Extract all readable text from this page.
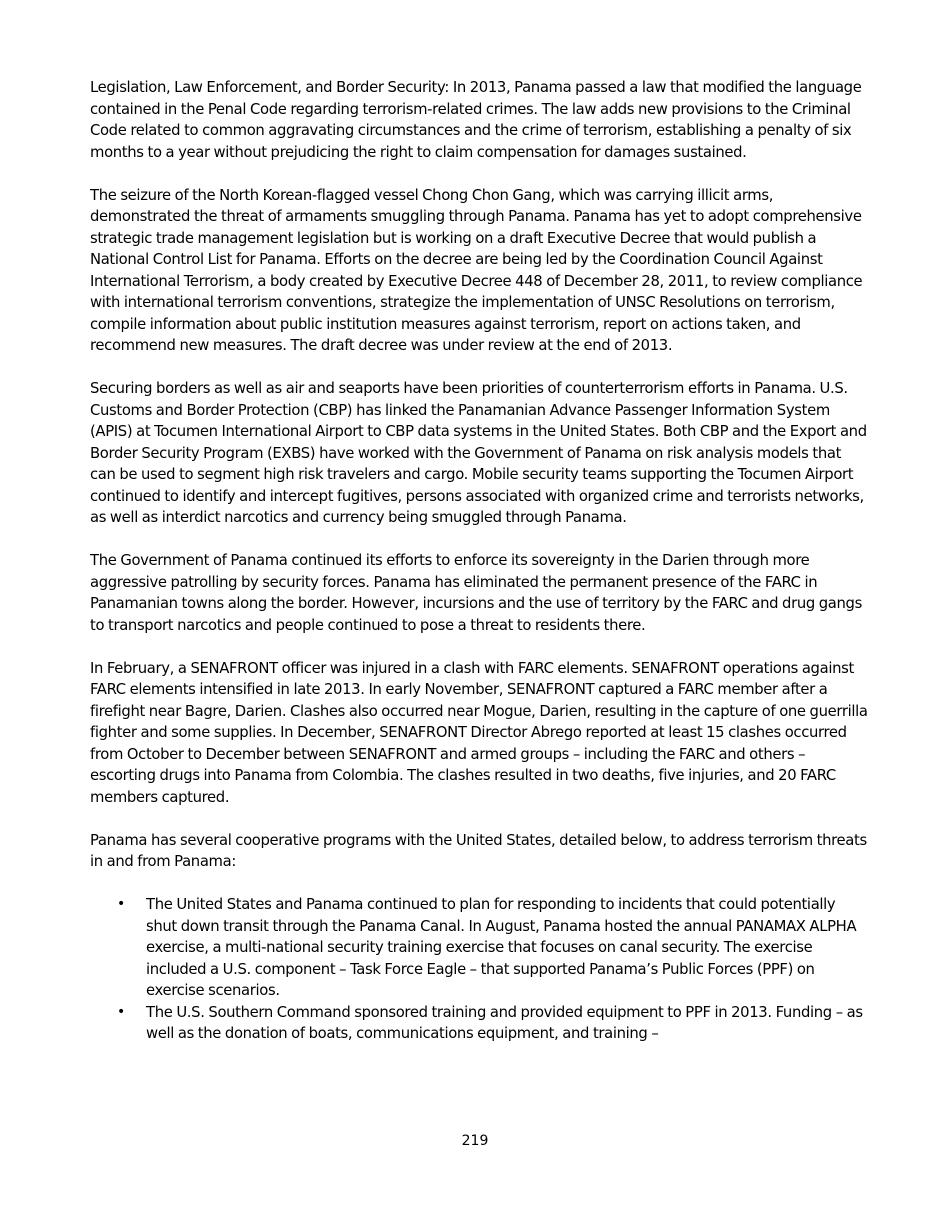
Legislation, Law Enforcement, and Border Security: In 2013, Panama passed a law that modified the language contained in the Penal Code regarding terrorism-related crimes. The law adds new provisions to the Criminal Code related to common aggravating circumstances and the crime of terrorism, establishing a penalty of six months to a year without prejudicing the right to claim compensation for damages sustained.

The seizure of the North Korean-flagged vessel Chong Chon Gang, which was carrying illicit arms, demonstrated the threat of armaments smuggling through Panama. Panama has yet to adopt comprehensive strategic trade management legislation but is working on a draft Executive Decree that would publish a National Control List for Panama. Efforts on the decree are being led by the Coordination Council Against International Terrorism, a body created by Executive Decree 448 of December 28, 2011, to review compliance with international terrorism conventions, strategize the implementation of UNSC Resolutions on terrorism, compile information about public institution measures against terrorism, report on actions taken, and recommend new measures. The draft decree was under review at the end of 2013.

Securing borders as well as air and seaports have been priorities of counterterrorism efforts in Panama. U.S. Customs and Border Protection (CBP) has linked the Panamanian Advance Passenger Information System (APIS) at Tocumen International Airport to CBP data systems in the United States. Both CBP and the Export and Border Security Program (EXBS) have worked with the Government of Panama on risk analysis models that can be used to segment high risk travelers and cargo. Mobile security teams supporting the Tocumen Airport continued to identify and intercept fugitives, persons associated with organized crime and terrorists networks, as well as interdict narcotics and currency being smuggled through Panama.

The Government of Panama continued its efforts to enforce its sovereignty in the Darien through more aggressive patrolling by security forces. Panama has eliminated the permanent presence of the FARC in Panamanian towns along the border. However, incursions and the use of territory by the FARC and drug gangs to transport narcotics and people continued to pose a threat to residents there.

In February, a SENAFRONT officer was injured in a clash with FARC elements. SENAFRONT operations against FARC elements intensified in late 2013. In early November, SENAFRONT captured a FARC member after a firefight near Bagre, Darien. Clashes also occurred near Mogue, Darien, resulting in the capture of one guerrilla fighter and some supplies. In December, SENAFRONT Director Abrego reported at least 15 clashes occurred from October to December between SENAFRONT and armed groups – including the FARC and others – escorting drugs into Panama from Colombia. The clashes resulted in two deaths, five injuries, and 20 FARC members captured.

Panama has several cooperative programs with the United States, detailed below, to address terrorism threats in and from Panama:

• The United States and Panama continued to plan for responding to incidents that could potentially shut down transit through the Panama Canal. In August, Panama hosted the annual PANAMAX ALPHA exercise, a multi-national security training exercise that focuses on canal security. The exercise included a U.S. component – Task Force Eagle – that supported Panama’s Public Forces (PPF) on exercise scenarios.
• The U.S. Southern Command sponsored training and provided equipment to PPF in 2013. Funding – as well as the donation of boats, communications equipment, and training –
219
